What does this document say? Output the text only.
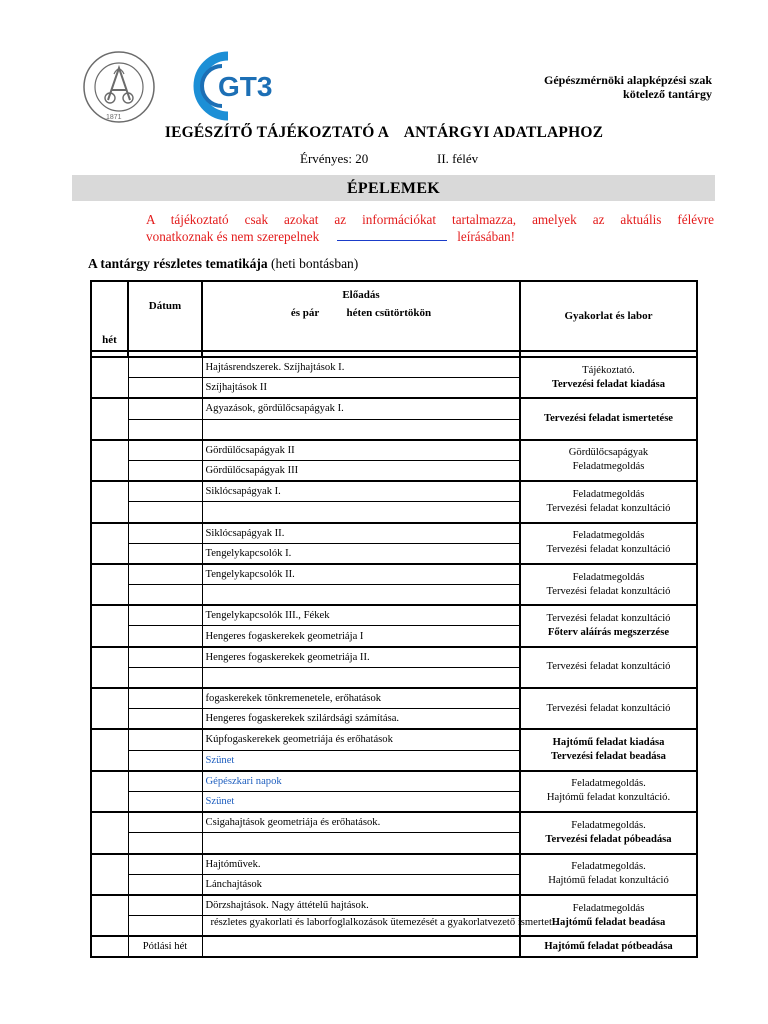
1871
GT3	Gépészmérnöki alapképzési szak
kötelező tantárgy
IEGÉSZÍTŐ TÁJÉKOZTATÓ A ANTÁRGYI ADATLAPHOZ
Érvényes: 20	II. félév
ÉPELEMEK
A tájékoztató csak azokat az információkat tartalmazza, amelyek az aktuális félévre
vonatkoznak és nem szerepelnek	leírásában!
A tantárgy részletes tematikája (heti bontásban)
hét	Dátum	Előadás
és pár          héten csütörtökön	Gyakorlat és labor

		Hajtásrendszerek. Szíjhajtások I.	Tájékoztató.
Tervezési feladat kiadása

		Szíjhajtások II	
		Agyazások, gördülőcsapágyak I.	Tervezési feladat ismertetése

		Gördülőcsapágyak II	Gördülőcsapágyak
Feladatmegoldás

		Gördülőcsapágyak III	
		Siklócsapágyak I.	Feladatmegoldás
Tervezési feladat konzultáció

		Siklócsapágyak II.	Feladatmegoldás
Tervezési feladat konzultáció

		Tengelykapcsolók I.	
		Tengelykapcsolók II.	Feladatmegoldás
Tervezési feladat konzultáció

		Tengelykapcsolók III., Fékek	Tervezési feladat konzultáció
Főterv aláírás megszerzése

		Hengeres fogaskerekek geometriája I	
		Hengeres fogaskerekek geometriája II.	Tervezési feladat konzultáció

		fogaskerekek tönkremenetele, erőhatások	Tervezési feladat konzultáció

		Hengeres fogaskerekek szilárdsági számítása.	
		Kúpfogaskerekek geometriája és erőhatások	Hajtómű feladat kiadása
Tervezési feladat beadása

		Szünet	
		Gépészkari napok	Feladatmegoldás.
Hajtómű feladat konzultáció.

		Szünet	
		Csigahajtások geometriája és erőhatások.	Feladatmegoldás.
Tervezési feladat póbeadása

		Hajtóművek.	Feladatmegoldás.
Hajtómű feladat konzultáció

		Lánchajtások	
		Dörzshajtások. Nagy áttételű hajtások.	Feladatmegoldás
Hajtómű feladat beadása

	Pótlási hét		Hajtómű feladat pótbeadása
részletes gyakorlati és laborfoglalkozások ütemezését a gyakorlatvezető ismerteti.
